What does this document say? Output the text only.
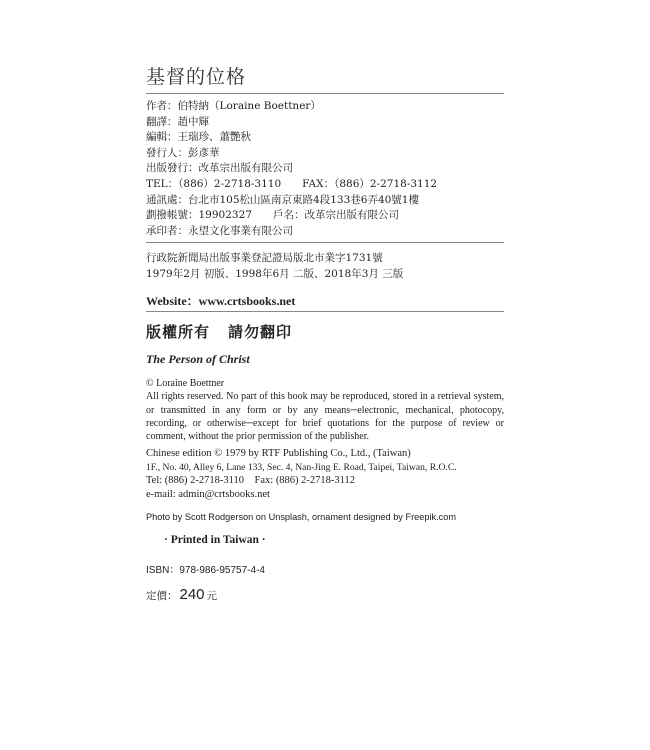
基督的位格
作者：伯特納（Loraine Boettner）
翻譯：趙中輝
編輯：王瑞珍、蕭艷秋
發行人：彭彥華
出版發行：改革宗出版有限公司
TEL：（886）2-2718-3110　　FAX：（886）2-2718-3112
通訊處：台北市105松山區南京東路4段133巷6弄40號1樓
劃撥帳號：19902327　　戶名：改革宗出版有限公司
承印者：永望文化事業有限公司
行政院新聞局出版事業登記證局版北市業字1731號
1979年2月 初版、1998年6月 二版、2018年3月 三版
Website：www.crtsbooks.net
版權所有 請勿翻印
The Person of Christ
© Loraine Boettner
All rights reserved. No part of this book may be reproduced, stored in a retrieval system,
or transmitted in any form or by any means─electronic, mechanical, photocopy,
recording, or otherwise─except for brief quotations for the purpose of review or
comment, without the prior permission of the publisher.
Chinese edition © 1979 by RTF Publishing Co., Ltd., (Taiwan)
1F., No. 40, Alley 6, Lane 133, Sec. 4, Nan-Jing E. Road, Taipei, Taiwan, R.O.C.
Tel: (886) 2-2718-3110　Fax: (886) 2-2718-3112
e-mail: admin@crtsbooks.net
Photo by Scott Rodgerson on Unsplash, ornament designed by Freepik.com
· Printed in Taiwan ·
ISBN：978-986-95757-4-4
定價： 240 元
